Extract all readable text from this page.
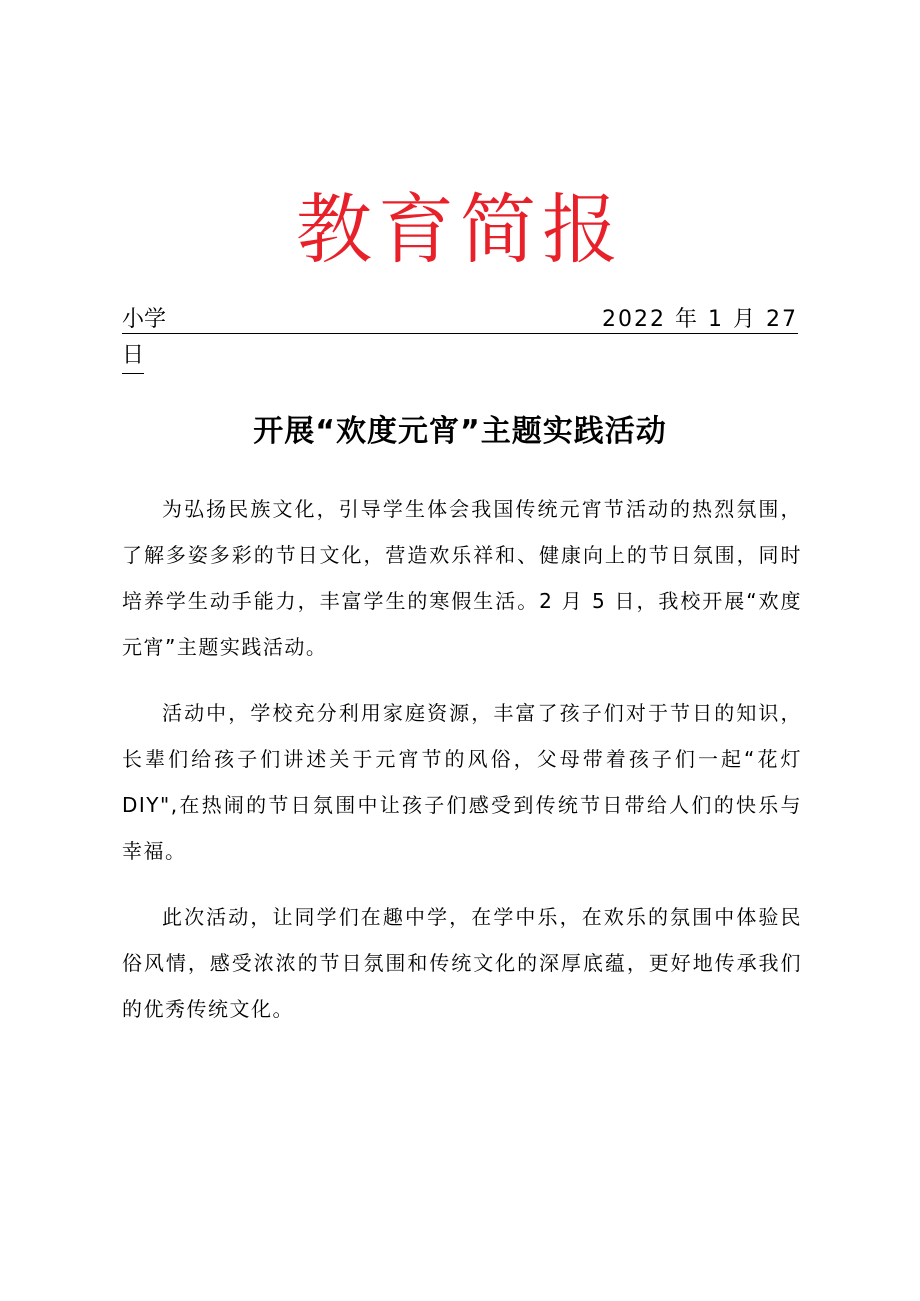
教育简报
小学	2022 年 1 月 27
日
开展“欢度元宵”主题实践活动

为弘扬民族文化，引导学生体会我国传统元宵节活动的热烈氛围，了解多姿多彩的节日文化，营造欢乐祥和、健康向上的节日氛围，同时培养学生动手能力，丰富学生的寒假生活。2 月 5 日，我校开展“欢度元宵”主题实践活动。

活动中，学校充分利用家庭资源，丰富了孩子们对于节日的知识，长辈们给孩子们讲述关于元宵节的风俗，父母带着孩子们一起“花灯 DIY",在热闹的节日氛围中让孩子们感受到传统节日带给人们的快乐与幸福。

此次活动，让同学们在趣中学，在学中乐，在欢乐的氛围中体验民俗风情，感受浓浓的节日氛围和传统文化的深厚底蕴，更好地传承我们的优秀传统文化。
